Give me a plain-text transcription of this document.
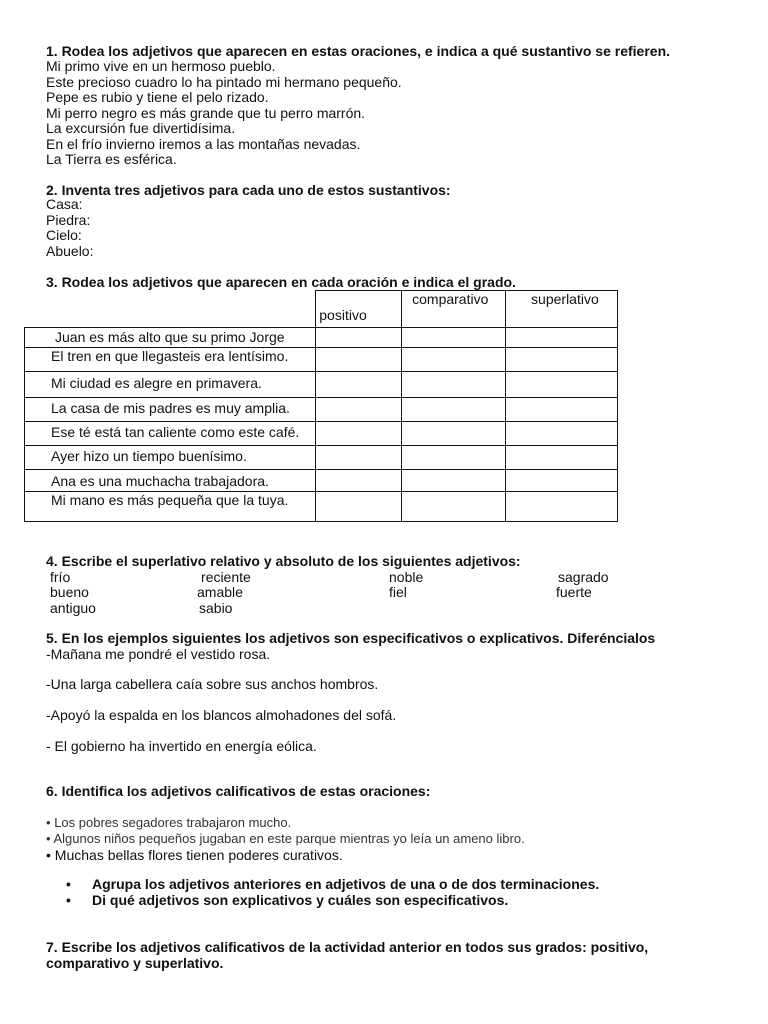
1. Rodea los adjetivos que aparecen en estas oraciones, e indica a qué sustantivo se refieren.
Mi primo vive en un hermoso pueblo.
Este precioso cuadro lo ha pintado mi hermano pequeño.
Pepe es rubio y tiene el pelo rizado.
Mi perro negro es más grande que tu perro marrón.
La excursión fue divertidísima.
En el frío invierno iremos a las montañas nevadas.
La Tierra es esférica.
2. Inventa tres adjetivos para cada uno de estos sustantivos:
Casa:
Piedra:
Cielo:
Abuelo:
3. Rodea los adjetivos que aparecen en cada oración e indica el grado.
	positivo	comparativo	superlativo
Juan es más alto que su primo Jorge			
El tren en que llegasteis era lentísimo.			
Mi ciudad es alegre en primavera.			
La casa de mis padres es muy amplia.			
Ese té está tan caliente como este café.			
Ayer hizo un tiempo buenísimo.			
Ana es una muchacha trabajadora.			
Mi mano es más pequeña que la tuya.			
4. Escribe el superlativo relativo y absoluto de los siguientes adjetivos:
frío	reciente	noble	sagrado
bueno	amable	fiel	fuerte
antiguo	sabio
5. En los ejemplos siguientes los adjetivos son especificativos o explicativos. Diferéncialos
-Mañana me pondré el vestido rosa.
-Una larga cabellera caía sobre sus anchos hombros.
-Apoyó la espalda en los blancos almohadones del sofá.
- El gobierno ha invertido en energía eólica.
6. Identifica los adjetivos calificativos de estas oraciones:
• Los pobres segadores trabajaron mucho.
• Algunos niños pequeños jugaban en este parque mientras yo leía un ameno libro.
• Muchas bellas flores tienen poderes curativos.
• Agrupa los adjetivos anteriores en adjetivos de una o de dos terminaciones.
• Di qué adjetivos son explicativos y cuáles son especificativos.
7. Escribe los adjetivos calificativos de la actividad anterior en todos sus grados: positivo,
comparativo y superlativo.
